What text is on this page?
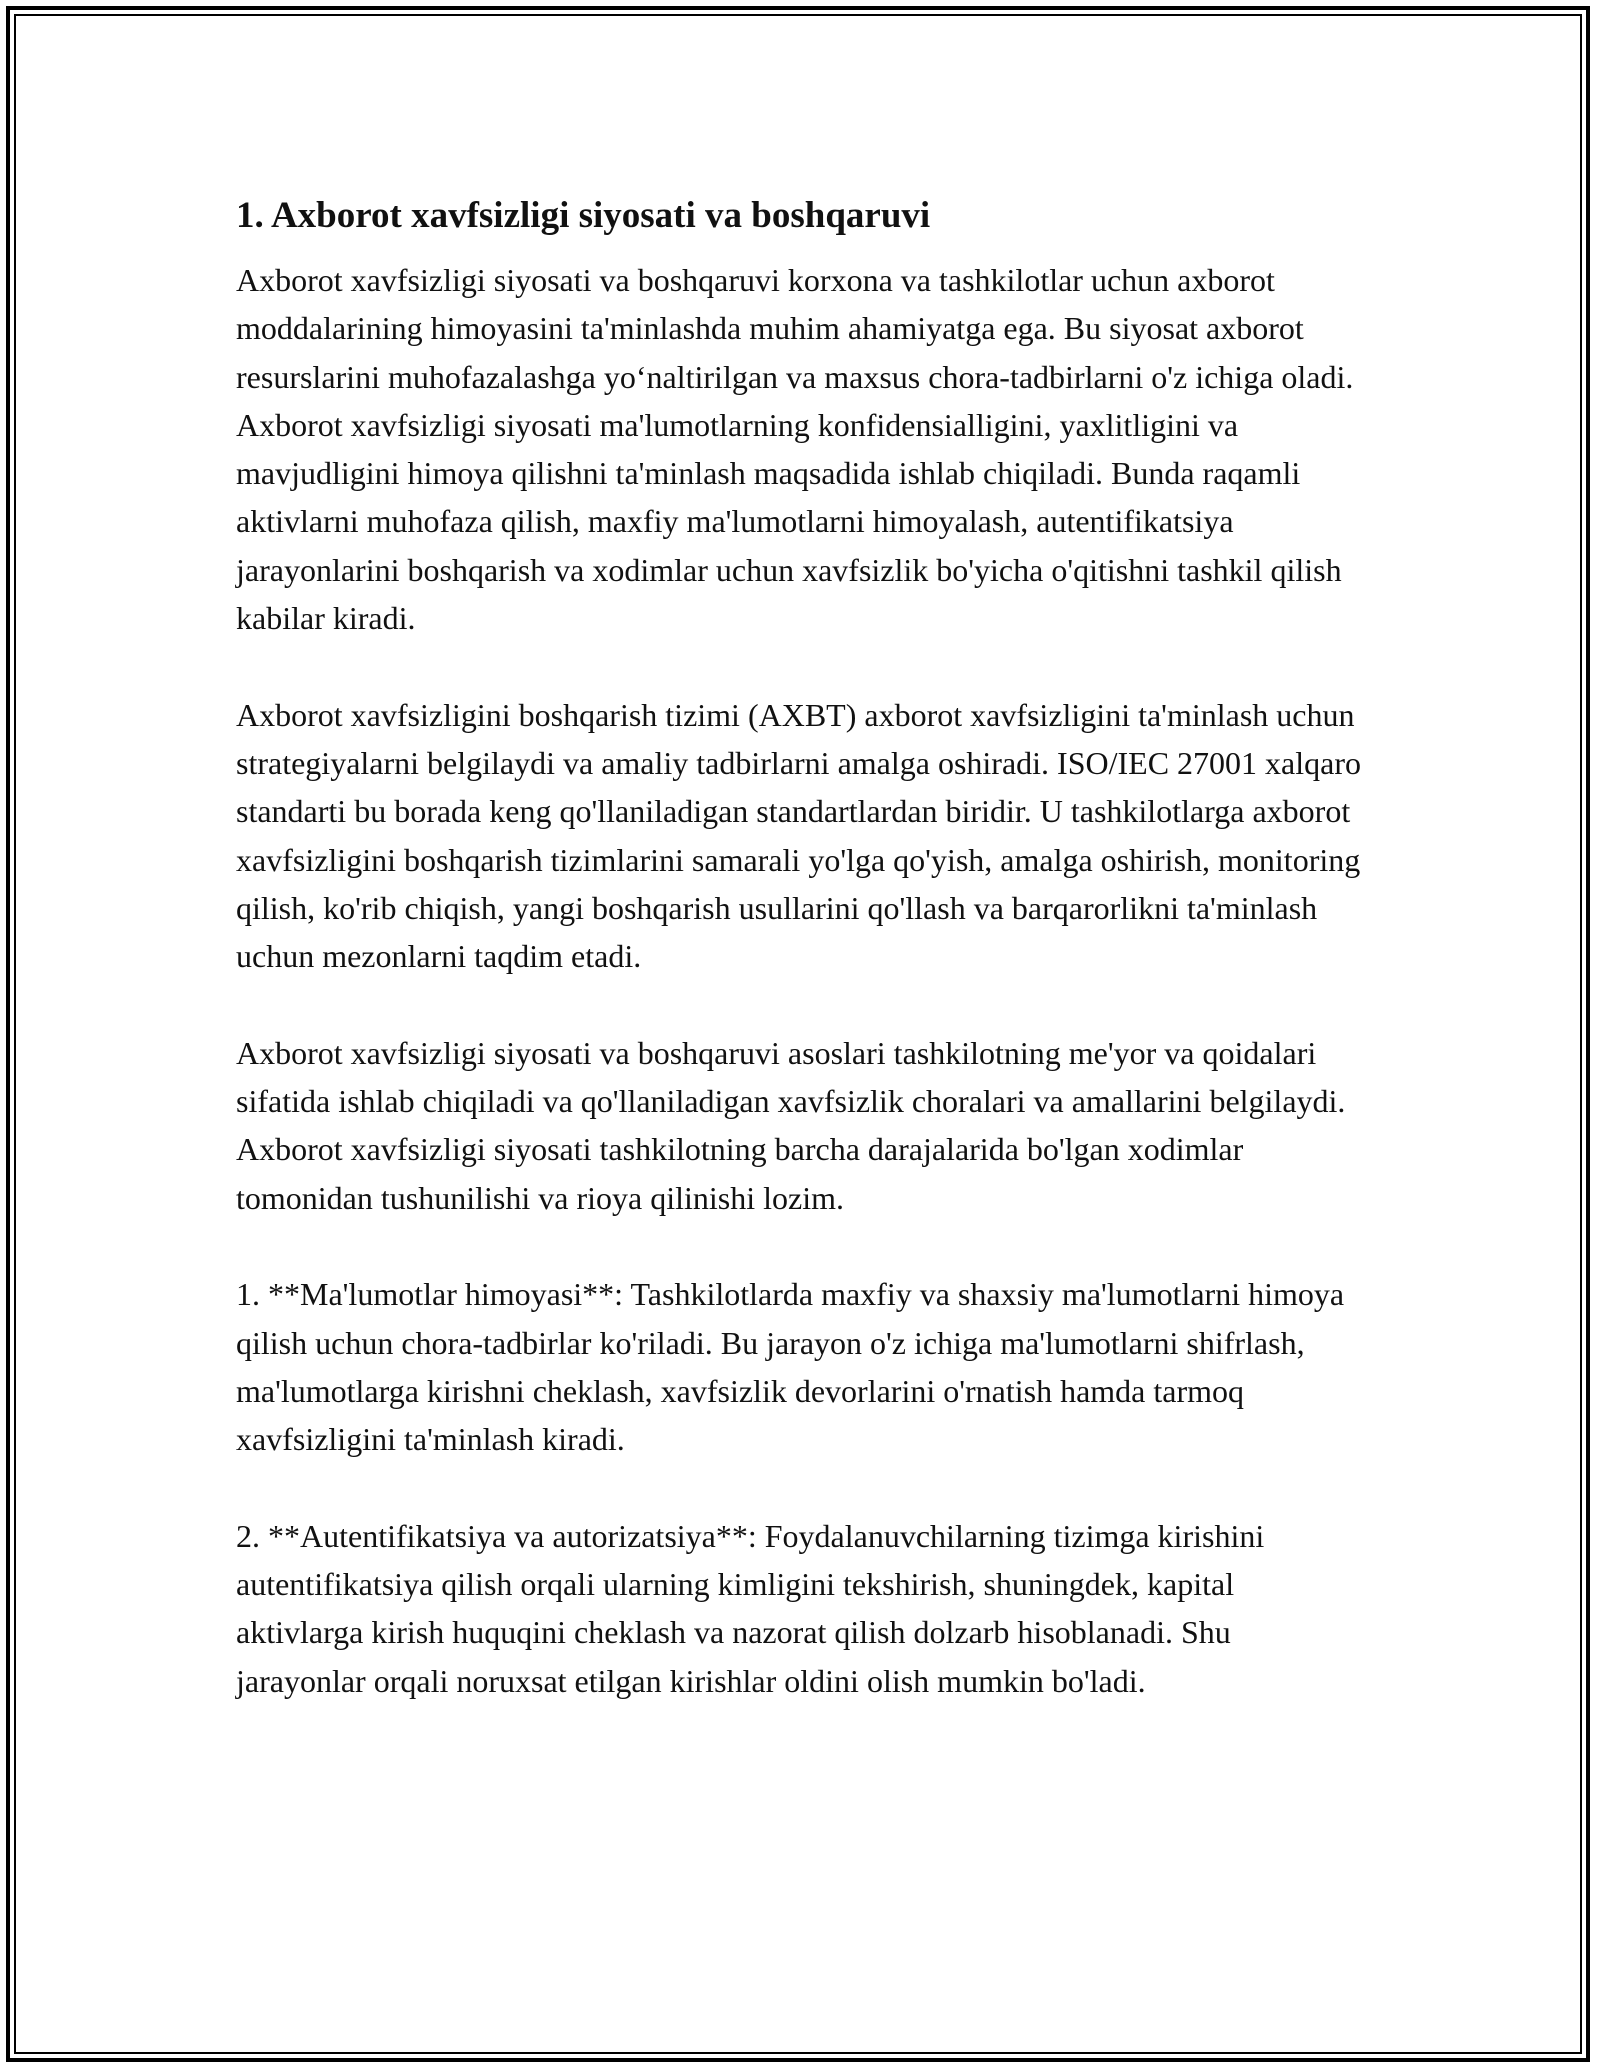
1. Axborot xavfsizligi siyosati va boshqaruvi

Axborot xavfsizligi siyosati va boshqaruvi korxona va tashkilotlar uchun axborot moddalarining himoyasini ta'minlashda muhim ahamiyatga ega. Bu siyosat axborot resurslarini muhofazalashga yo‘naltirilgan va maxsus chora-tadbirlarni o'z ichiga oladi. Axborot xavfsizligi siyosati ma'lumotlarning konfidensialligini, yaxlitligini va mavjudligini himoya qilishni ta'minlash maqsadida ishlab chiqiladi. Bunda raqamli aktivlarni muhofaza qilish, maxfiy ma'lumotlarni himoyalash, autentifikatsiya jarayonlarini boshqarish va xodimlar uchun xavfsizlik bo'yicha o'qitishni tashkil qilish kabilar kiradi.

Axborot xavfsizligini boshqarish tizimi (AXBT) axborot xavfsizligini ta'minlash uchun strategiyalarni belgilaydi va amaliy tadbirlarni amalga oshiradi. ISO/IEC 27001 xalqaro standarti bu borada keng qo'llaniladigan standartlardan biridir. U tashkilotlarga axborot xavfsizligini boshqarish tizimlarini samarali yo'lga qo'yish, amalga oshirish, monitoring qilish, ko'rib chiqish, yangi boshqarish usullarini qo'llash va barqarorlikni ta'minlash uchun mezonlarni taqdim etadi.

Axborot xavfsizligi siyosati va boshqaruvi asoslari tashkilotning me'yor va qoidalari sifatida ishlab chiqiladi va qo'llaniladigan xavfsizlik choralari va amallarini belgilaydi. Axborot xavfsizligi siyosati tashkilotning barcha darajalarida bo'lgan xodimlar tomonidan tushunilishi va rioya qilinishi lozim.

1. **Ma'lumotlar himoyasi**: Tashkilotlarda maxfiy va shaxsiy ma'lumotlarni himoya qilish uchun chora-tadbirlar ko'riladi. Bu jarayon o'z ichiga ma'lumotlarni shifrlash, ma'lumotlarga kirishni cheklash, xavfsizlik devorlarini o'rnatish hamda tarmoq xavfsizligini ta'minlash kiradi.

2. **Autentifikatsiya va autorizatsiya**: Foydalanuvchilarning tizimga kirishini autentifikatsiya qilish orqali ularning kimligini tekshirish, shuningdek, kapital aktivlarga kirish huquqini cheklash va nazorat qilish dolzarb hisoblanadi. Shu jarayonlar orqali noruxsat etilgan kirishlar oldini olish mumkin bo'ladi.
